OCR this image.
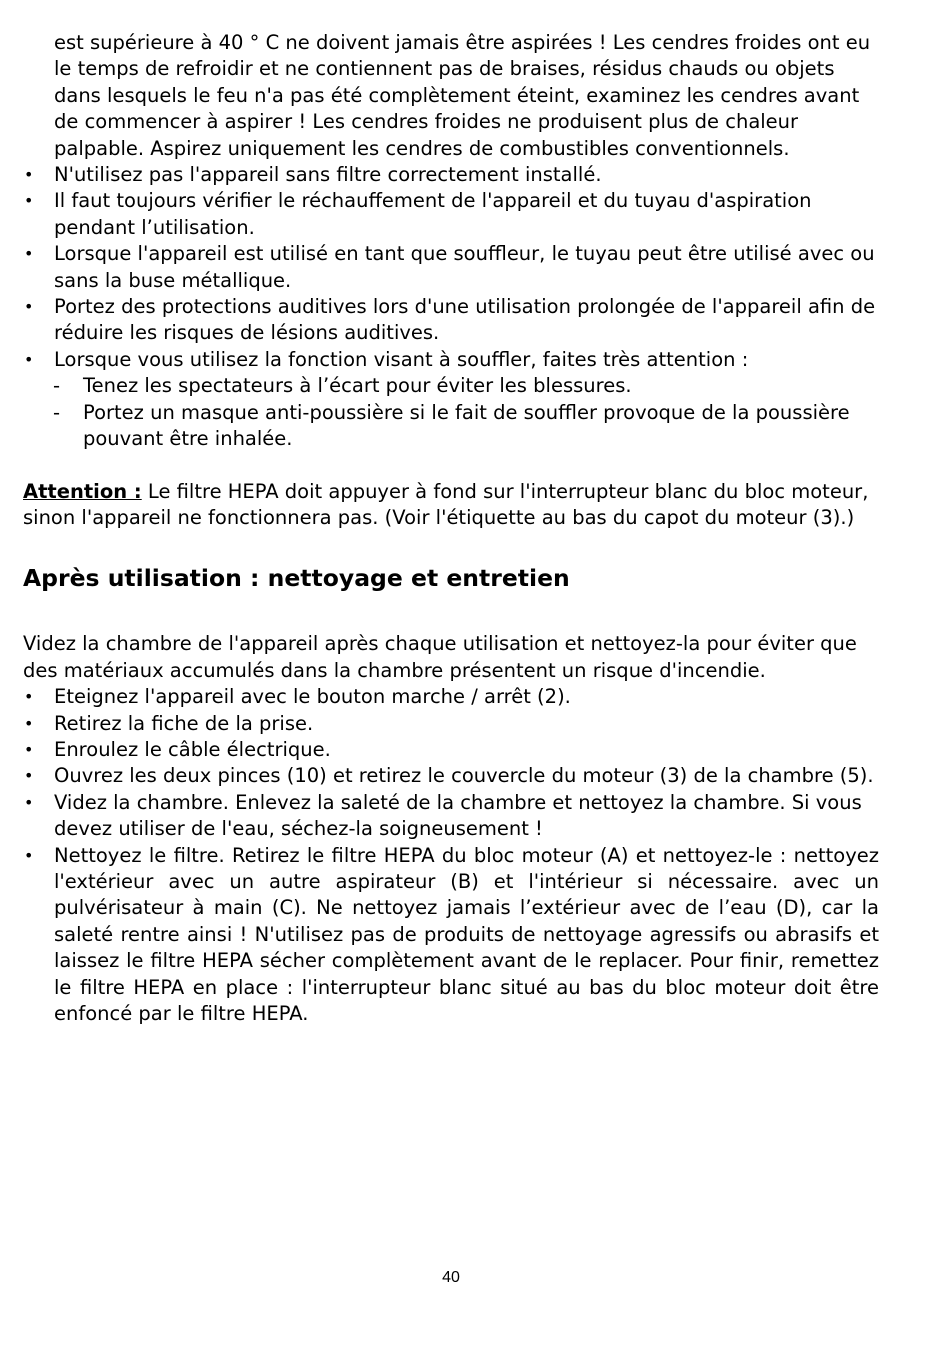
est supérieure à 40 ° C ne doivent jamais être aspirées ! Les cendres froides ont eu le temps de refroidir et ne contiennent pas de braises, résidus chauds ou objets dans lesquels le feu n'a pas été complètement éteint, examinez les cendres avant de commencer à aspirer ! Les cendres froides ne produisent plus de chaleur palpable. Aspirez uniquement les cendres de combustibles conventionnels.

• N'utilisez pas l'appareil sans filtre correctement installé.
• Il faut toujours vérifier le réchauffement de l'appareil et du tuyau d'aspiration pendant l’utilisation.
• Lorsque l'appareil est utilisé en tant que souffleur, le tuyau peut être utilisé avec ou sans la buse métallique.
• Portez des protections auditives lors d'une utilisation prolongée de l'appareil afin de réduire les risques de lésions auditives.
• Lorsque vous utilisez la fonction visant à souffler, faites très attention :
- Tenez les spectateurs à l’écart pour éviter les blessures.
- Portez un masque anti-poussière si le fait de souffler provoque de la poussière pouvant être inhalée.

Attention : Le filtre HEPA doit appuyer à fond sur l'interrupteur blanc du bloc moteur, sinon l'appareil ne fonctionnera pas. (Voir l'étiquette au bas du capot du moteur (3).)

Après utilisation : nettoyage et entretien

Videz la chambre de l'appareil après chaque utilisation et nettoyez-la pour éviter que des matériaux accumulés dans la chambre présentent un risque d'incendie.

• Eteignez l'appareil avec le bouton marche / arrêt (2).
• Retirez la fiche de la prise.
• Enroulez le câble électrique.
• Ouvrez les deux pinces (10) et retirez le couvercle du moteur (3) de la chambre (5).
• Videz la chambre. Enlevez la saleté de la chambre et nettoyez la chambre. Si vous devez utiliser de l'eau, séchez-la soigneusement !
• Nettoyez le filtre. Retirez le filtre HEPA du bloc moteur (A) et nettoyez-le : nettoyez l'extérieur avec un autre aspirateur (B) et l'intérieur si nécessaire. avec un pulvérisateur à main (C). Ne nettoyez jamais l’extérieur avec de l’eau (D), car la saleté rentre ainsi ! N'utilisez pas de produits de nettoyage agressifs ou abrasifs et laissez le filtre HEPA sécher complètement avant de le replacer. Pour finir, remettez le filtre HEPA en place : l'interrupteur blanc situé au bas du bloc moteur doit être enfoncé par le filtre HEPA.
40
